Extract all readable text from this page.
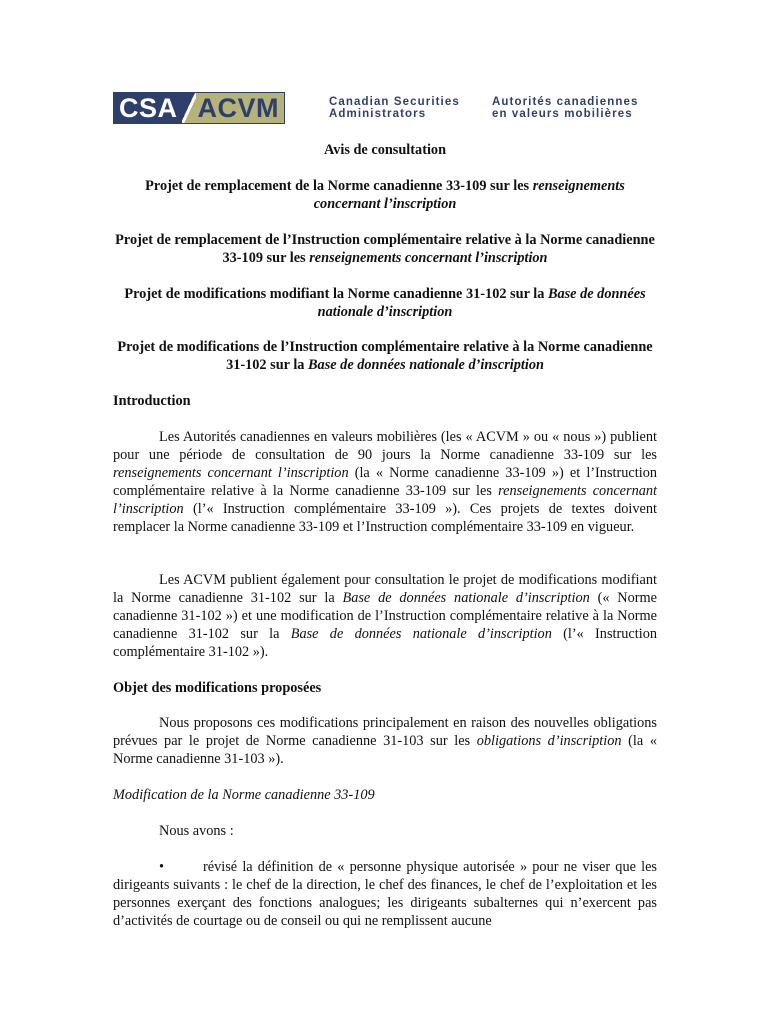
CSA ACVM	Canadian Securities
Administrators
Autorités canadiennes
en valeurs mobilières
Avis de consultation
Projet de remplacement de la Norme canadienne 33-109 sur les renseignements concernant l’inscription
Projet de remplacement de l’Instruction complémentaire relative à la Norme canadienne 33-109 sur les renseignements concernant l’inscription
Projet de modifications modifiant la Norme canadienne 31-102 sur la Base de données nationale d’inscription
Projet de modifications de l’Instruction complémentaire relative à la Norme canadienne 31-102 sur la Base de données nationale d’inscription
Introduction
Les Autorités canadiennes en valeurs mobilières (les « ACVM » ou « nous ») publient pour une période de consultation de 90 jours la Norme canadienne 33-109 sur les renseignements concernant l’inscription (la « Norme canadienne 33-109 ») et l’Instruction complémentaire relative à la Norme canadienne 33-109 sur les renseignements concernant l’inscription (l’« Instruction complémentaire 33-109 »). Ces projets de textes doivent remplacer la Norme canadienne 33-109 et l’Instruction complémentaire 33-109 en vigueur.
Les ACVM publient également pour consultation le projet de modifications modifiant la Norme canadienne 31-102 sur la Base de données nationale d’inscription (« Norme canadienne 31-102 ») et une modification de l’Instruction complémentaire relative à la Norme canadienne 31-102 sur la Base de données nationale d’inscription (l’« Instruction complémentaire 31-102 »).
Objet des modifications proposées
Nous proposons ces modifications principalement en raison des nouvelles obligations prévues par le projet de Norme canadienne 31-103 sur les obligations d’inscription (la « Norme canadienne 31-103 »).
Modification de la Norme canadienne 33-109
Nous avons :
•	révisé la définition de « personne physique autorisée » pour ne viser que les dirigeants suivants : le chef de la direction, le chef des finances, le chef de l’exploitation et les personnes exerçant des fonctions analogues; les dirigeants subalternes qui n’exercent pas d’activités de courtage ou de conseil ou qui ne remplissent aucune
